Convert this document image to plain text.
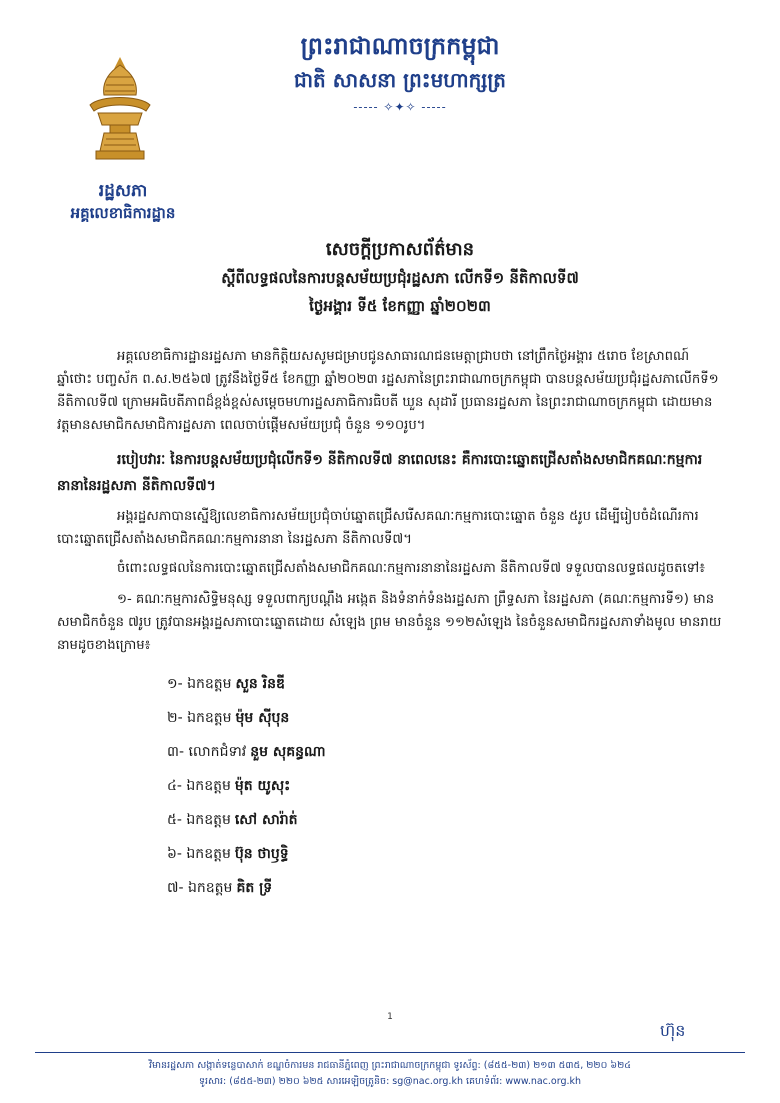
ព្រះរាជាណាចក្រកម្ពុជា
ជាតិ សាសនា ព្រះមហាក្សត្រ
----- ✧✦✧ -----
រដ្ឋសភា
អគ្គលេខាធិការដ្ឋាន
សេចក្តីប្រកាសព័ត៌មាន
ស្តីពីលទ្ធផលនៃការបន្តសម័យប្រជុំរដ្ឋសភា លើកទី១ នីតិកាលទី៧
ថ្ងៃអង្គារ ទី៥ ខែកញ្ញា ឆ្នាំ២០២៣

អគ្គលេខាធិការដ្ឋានរដ្ឋសភា មានកិត្តិយសសូមជម្រាបជូនសាធារណជនមេត្តាជ្រាបថា នៅព្រឹកថ្ងៃអង្គារ ៥រោច ខែស្រាពណ៍ ឆ្នាំថោះ បញ្ចស័ក ព.ស.២៥៦៧ ត្រូវនឹងថ្ងៃទី៥ ខែកញ្ញា ឆ្នាំ២០២៣ រដ្ឋសភានៃព្រះរាជាណាចក្រកម្ពុជា បានបន្តសម័យប្រជុំរដ្ឋសភាលើកទី១ នីតិកាលទី៧ ក្រោមអធិបតីភាពដ៏ខ្ពង់ខ្ពស់សម្តេចមហារដ្ឋសភាធិការធិបតី ឃួន សុដារី ប្រធានរដ្ឋសភា នៃព្រះរាជាណាចក្រកម្ពុជា ដោយមានវត្តមានសមាជិកសមាជិការដ្ឋសភា ពេលចាប់ផ្តើមសម័យប្រជុំ ចំនួន ១១០រូប។

របៀបវារៈ នៃការបន្តសម័យប្រជុំលើកទី១ នីតិកាលទី៧ នាពេលនេះ គឺការបោះឆ្នោតជ្រើសតាំងសមាជិកគណៈកម្មការនានានៃរដ្ឋសភា នីតិកាលទី៧។

អង្គរដ្ឋសភាបានស្នើឱ្យលេខាធិការសម័យប្រជុំចាប់ឆ្នោតជ្រើសរើសគណៈកម្មការបោះឆ្នោត ចំនួន ៥រូប ដើម្បីរៀបចំដំណើរការបោះឆ្នោតជ្រើសតាំងសមាជិកគណៈកម្មការនានា នៃរដ្ឋសភា នីតិកាលទី៧។

ចំពោះលទ្ធផលនៃការបោះឆ្នោតជ្រើសតាំងសមាជិកគណៈកម្មការនានានៃរដ្ឋសភា នីតិកាលទី៧ ទទួលបានលទ្ធផលដូចតទៅ៖

១- គណៈកម្មការសិទ្ធិមនុស្ស ទទួលពាក្យបណ្តឹង អង្កេត និងទំនាក់ទំនងរដ្ឋសភា ព្រឹទ្ធសភា នៃរដ្ឋសភា (គណៈកម្មការទី១) មានសមាជិកចំនួន ៧រូប ត្រូវបានអង្គរដ្ឋសភាបោះឆ្នោតដោយ សំឡេង ព្រម មានចំនួន ១១២សំឡេង នៃចំនួនសមាជិករដ្ឋសភាទាំងមូល មានរាយនាមដូចខាងក្រោម៖

១- ឯកឧត្តម សួន រិនឌី
២- ឯកឧត្តម ម៉ុម ស៊ីបុន
៣- លោកជំទាវ នួម សុគន្ធណា
៤- ឯកឧត្តម ម៉ុត យូសុះ
៥- ឯកឧត្តម សៅ សារ៉ាត់
៦- ឯកឧត្តម ប៊ុន ថាឫទ្ធិ
៧- ឯកឧត្តម គិត ទ្រី
1
ហ៊ុន
វិមានរដ្ឋសភា សង្កាត់ទន្លេបាសាក់ ខណ្ឌចំការមន រាជធានីភ្នំពេញ ព្រះរាជាណាចក្រកម្ពុជា ទូរស័ព្ទ: (៨៥៥-២៣) ២១៣ ៥៣៥, ២២០ ៦២៤
ទូរសារ: (៨៥៥-២៣) ២២០ ៦២៥ សារអេឡិចត្រូនិច: sg@nac.org.kh គេហទំព័រ: www.nac.org.kh
